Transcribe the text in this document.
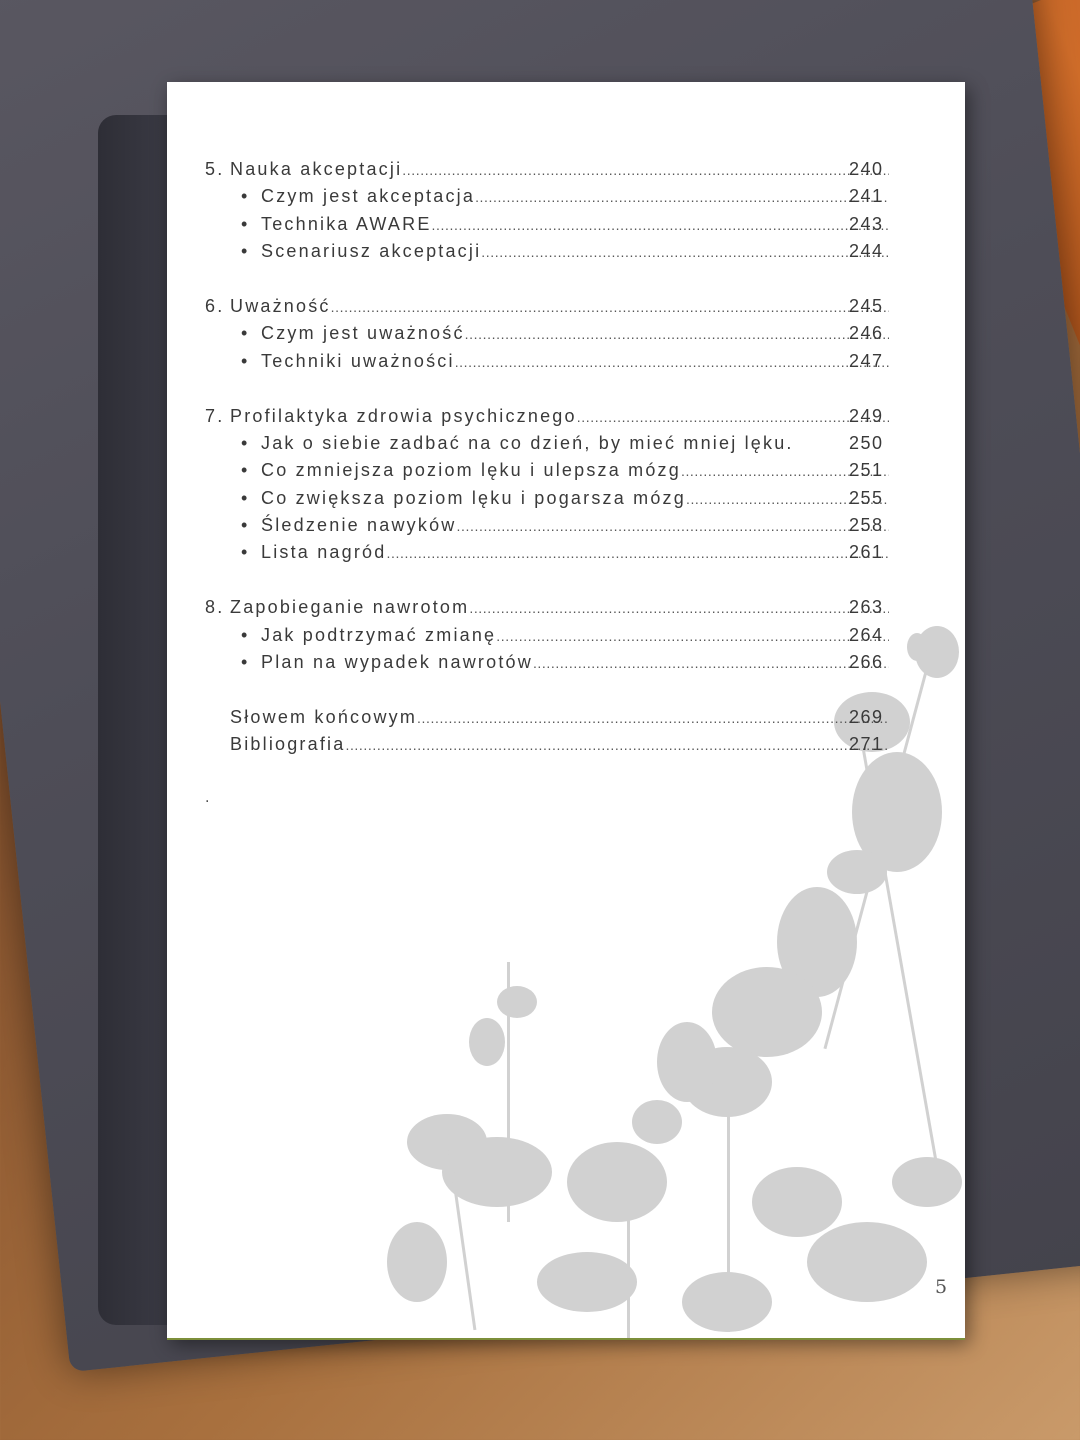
5. Nauka akceptacji .....	240
• Czym jest akceptacja .....	241
• Technika AWARE .....	243
• Scenariusz akceptacji .....	244
6. Uważność .....	245
• Czym jest uważność .....	246
• Techniki uważności .....	247
7. Profilaktyka zdrowia psychicznego .....	249
• Jak o siebie zadbać na co dzień, by mieć mniej lęku.	250
• Co zmniejsza poziom lęku i ulepsza mózg .....	251
• Co zwiększa poziom lęku i pogarsza mózg .....	255
• Śledzenie nawyków .....	258
• Lista nagród .....	261
8. Zapobieganie nawrotom .....	263
• Jak podtrzymać zmianę .....	264
• Plan na wypadek nawrotów .....	266
Słowem końcowym .....	269
Bibliografia .....	271
.
5
